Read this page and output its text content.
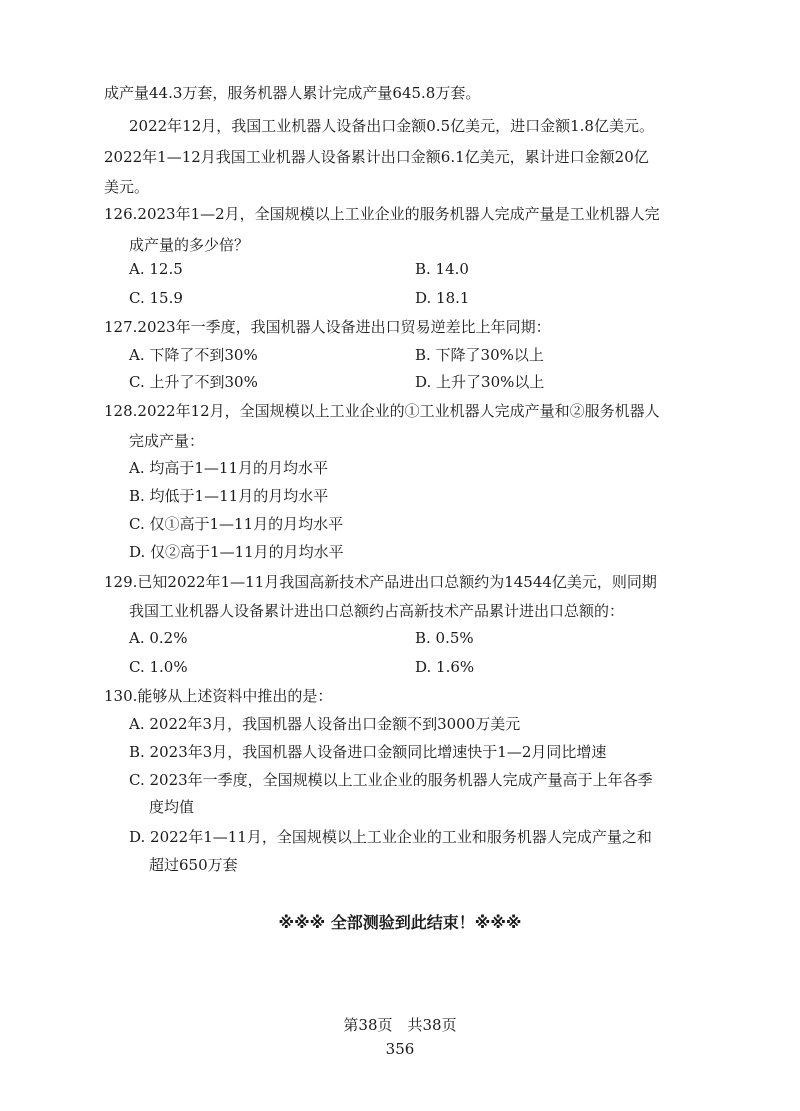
成产量44.3万套，服务机器人累计完成产量645.8万套。
2022年12月，我国工业机器人设备出口金额0.5亿美元，进口金额1.8亿美元。
2022年1—12月我国工业机器人设备累计出口金额6.1亿美元，累计进口金额20亿
美元。
126.2023年1—2月，全国规模以上工业企业的服务机器人完成产量是工业机器人完
成产量的多少倍？
A. 12.5	B. 14.0
C. 15.9	D. 18.1
127.2023年一季度，我国机器人设备进出口贸易逆差比上年同期：
A. 下降了不到30%	B. 下降了30%以上
C. 上升了不到30%	D. 上升了30%以上
128.2022年12月，全国规模以上工业企业的①工业机器人完成产量和②服务机器人
完成产量：
A. 均高于1—11月的月均水平
B. 均低于1—11月的月均水平
C. 仅①高于1—11月的月均水平
D. 仅②高于1—11月的月均水平
129.已知2022年1—11月我国高新技术产品进出口总额约为14544亿美元，则同期
我国工业机器人设备累计进出口总额约占高新技术产品累计进出口总额的：
A. 0.2%	B. 0.5%
C. 1.0%	D. 1.6%
130.能够从上述资料中推出的是：
A. 2022年3月，我国机器人设备出口金额不到3000万美元
B. 2023年3月，我国机器人设备进口金额同比增速快于1—2月同比增速
C. 2023年一季度，全国规模以上工业企业的服务机器人完成产量高于上年各季
度均值
D. 2022年1—11月，全国规模以上工业企业的工业和服务机器人完成产量之和
超过650万套
※※※ 全部测验到此结束！※※※
第38页　共38页
356
